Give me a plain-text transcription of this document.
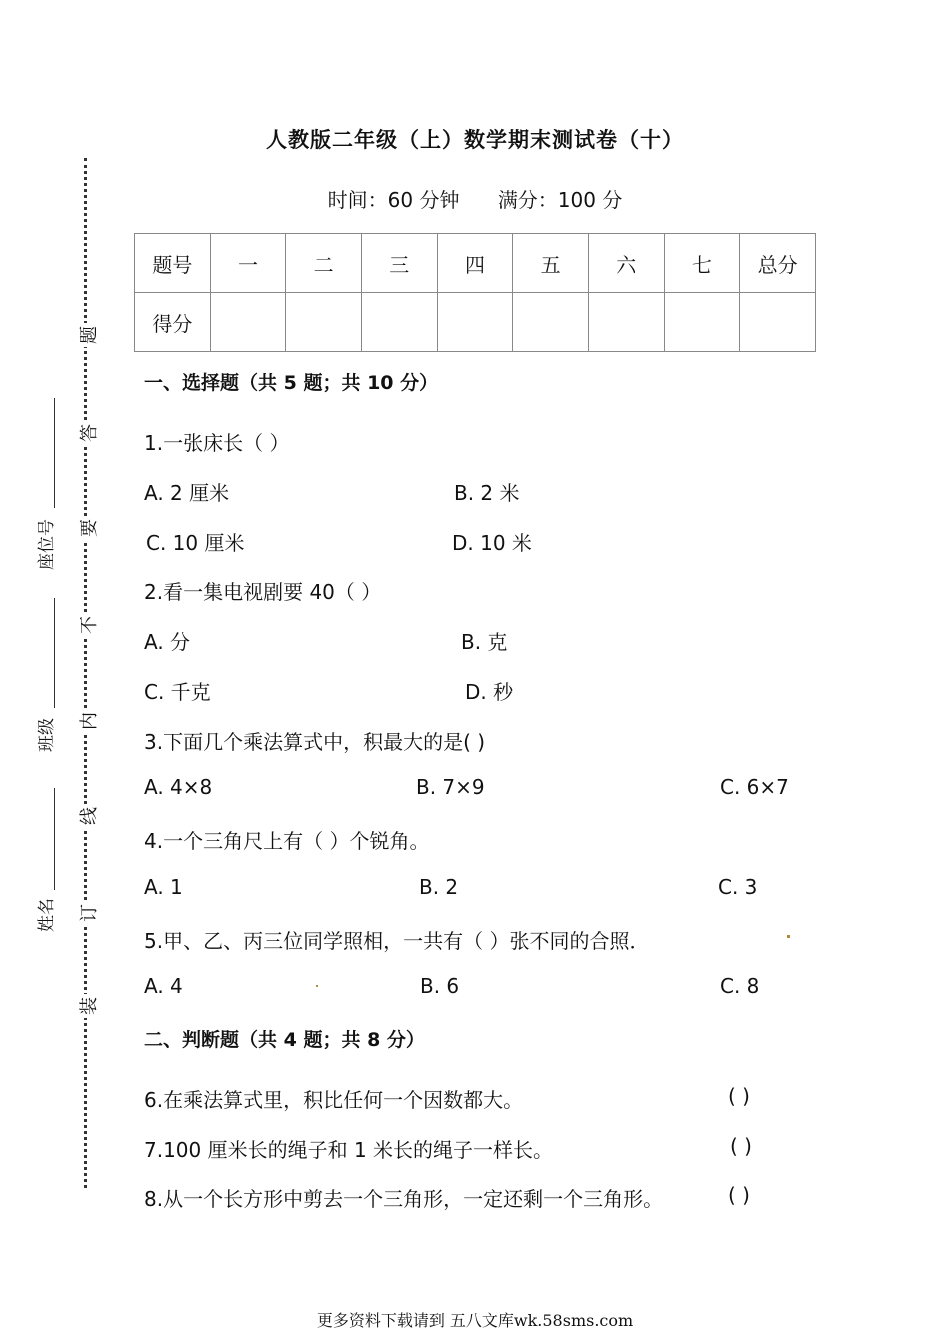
题
答
要
不
内
线
订
装
座位号
班级
姓名
人教版二年级（上）数学期末测试卷（十）
时间：60 分钟 满分：100 分
题号	一	二	三	四	五	六	七	总分
得分								
一、选择题（共 5 题；共 10 分）
1.一张床长（ ）
A. 2 厘米	B. 2 米
C. 10 厘米	D. 10 米
2.看一集电视剧要 40（ ）
A. 分	B. 克
C. 千克	D. 秒
3.下面几个乘法算式中，积最大的是( )
A. 4×8	B. 7×9	C. 6×7
4.一个三角尺上有（ ）个锐角。
A. 1	B. 2	C. 3
5.甲、乙、丙三位同学照相，一共有（ ）张不同的合照．
A. 4	B. 6	C. 8
二、判断题（共 4 题；共 8 分）
6.在乘法算式里，积比任何一个因数都大。	( )
7.100 厘米长的绳子和 1 米长的绳子一样长。	( )
8.从一个长方形中剪去一个三角形，一定还剩一个三角形。	( )
更多资料下载请到 五八文库wk.58sms.com
